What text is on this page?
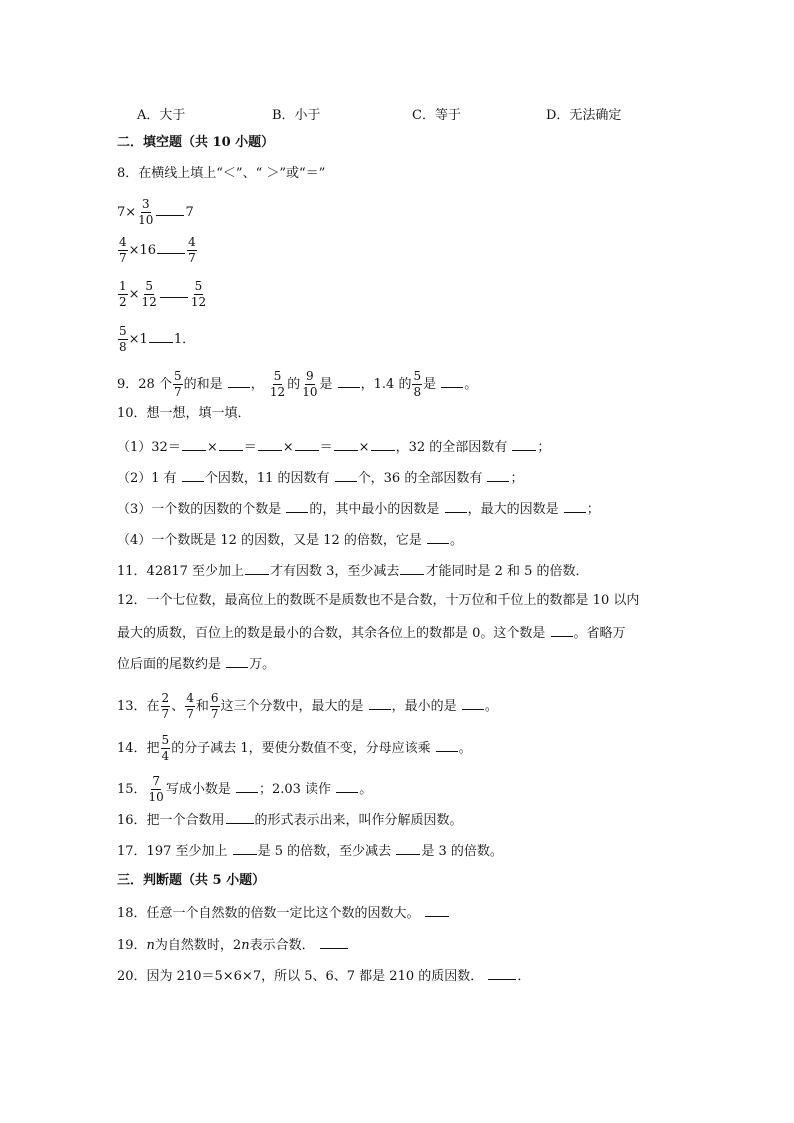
A．大于	B．小于	C．等于	D．无法确定
二．填空题（共 10 小题）
8．在横线上填上“＜”、“ ＞”或“＝”
$7\times \frac{3}{10} 7$
$\frac{4}{7} \times 16$	$\frac{4}{7}$
$\frac{1}{2} \times \frac{5}{12}$	$\frac{5}{12}$
$\frac{5}{8} \times 1$ 1．
9．28 个 $\frac{5}{7}$ 的和是 ， $\frac{5}{12}$ 的 $\frac{9}{10}$ 是 ，1.4 的 $\frac{5}{8}$ 是 。
10．想一想，填一填．
（1）32＝ × ＝ × ＝ × ，32 的全部因数有 ；
（2）1 有 个因数，11 的因数有 个，36 的全部因数有 ；
（3）一个数的因数的个数是 的，其中最小的因数是 ，最大的因数是 ；
（4）一个数既是 12 的因数，又是 12 的倍数，它是 。
11．42817 至少加上 才有因数 3，至少减去 才能同时是 2 和 5 的倍数．
12．一个七位数，最高位上的数既不是质数也不是合数，十万位和千位上的数都是 10 以内
最大的质数，百位上的数是最小的合数，其余各位上的数都是 0。这个数是 。省略万
位后面的尾数约是 万。
13．在 $\frac{2}{7}$ 、 $\frac{4}{7}$ 和 $\frac{6}{7}$ 这三个分数中，最大的是 ，最小的是 。
14．把 $\frac{5}{4}$ 的分子减去 1，要使分数值不变，分母应该乘 。
15． $\frac{7}{10}$ 写成小数是 ；2.03 读作 。
16．把一个合数用 的形式表示出来，叫作分解质因数。
17．197 至少加上 是 5 的倍数，至少减去 是 3 的倍数。
三．判断题（共 5 小题）
18．任意一个自然数的倍数一定比这个数的因数大。
19．n为自然数时，2n表示合数．
20．因为 210＝5×6×7，所以 5、6、7 都是 210 的质因数．	．
